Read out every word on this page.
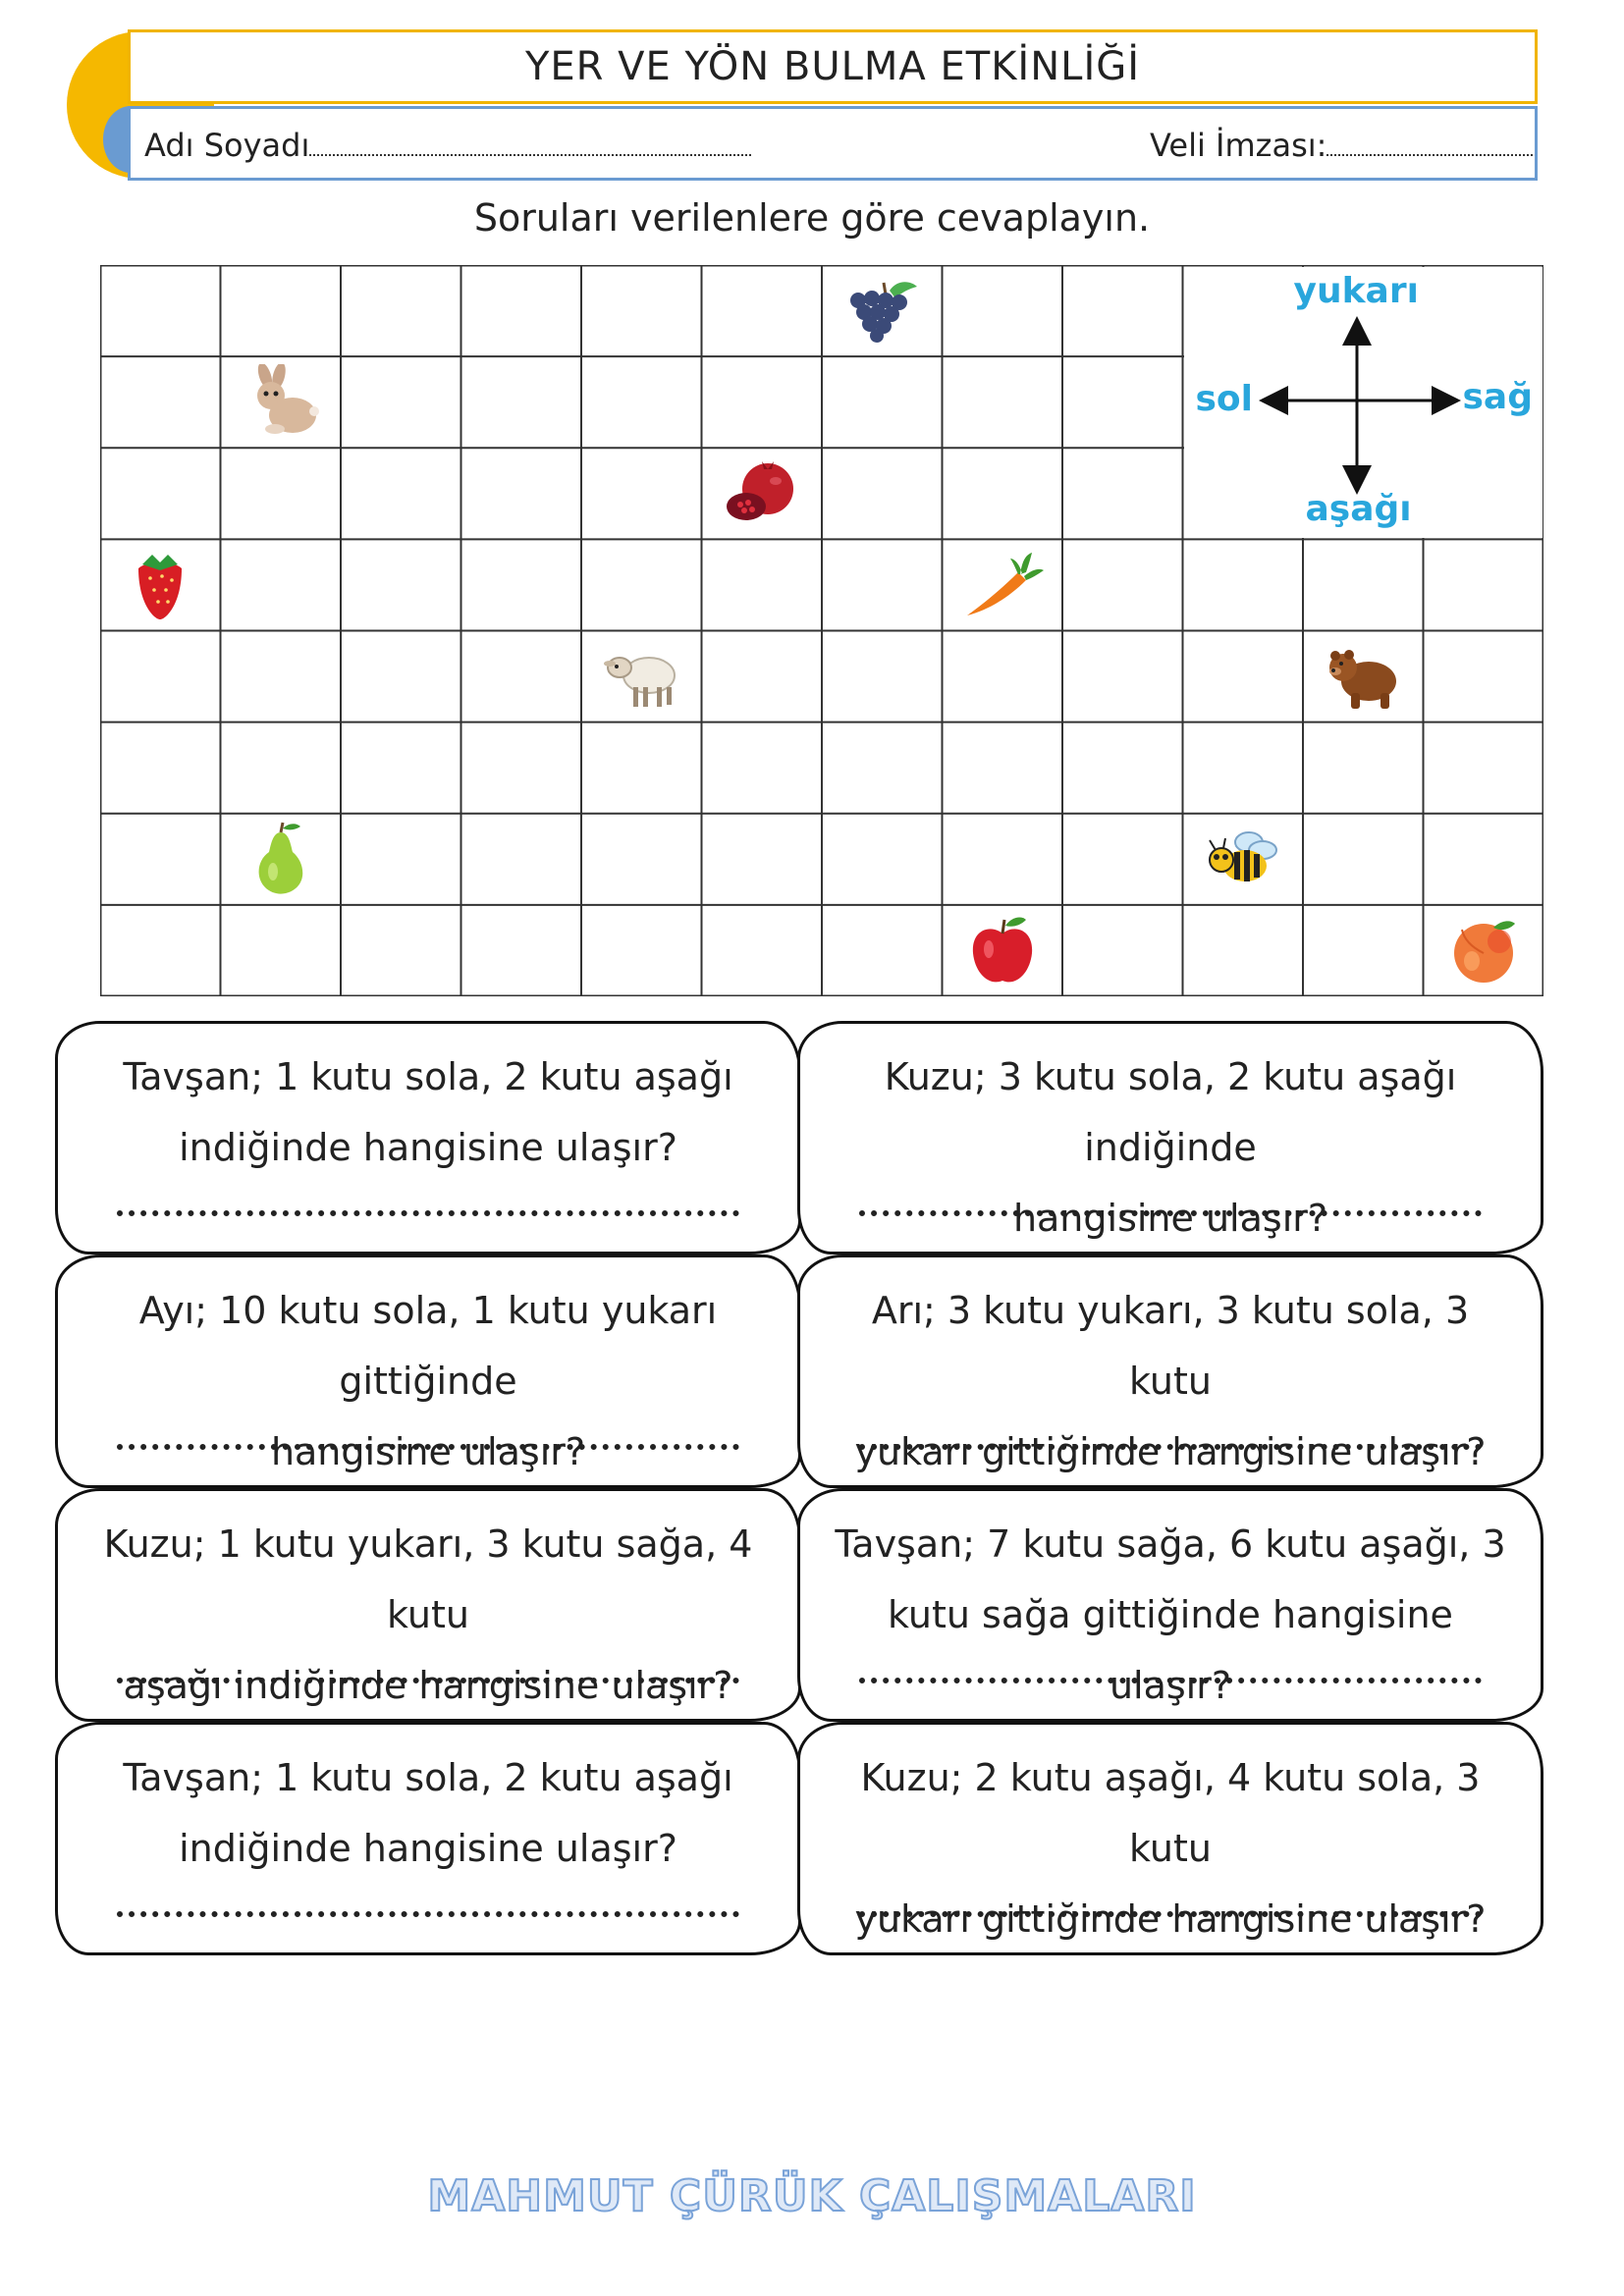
YER VE YÖN BULMA ETKİNLİĞİ
Adı Soyadı	Veli İmzası:
Soruları verilenlere göre cevaplayın.
yukarı
sol	sağ
aşağı
Tavşan; 1 kutu sola, 2 kutu aşağı
indiğinde hangisine ulaşır?
Kuzu; 3 kutu sola, 2 kutu aşağı indiğinde
hangisine ulaşır?
Ayı; 10 kutu sola, 1 kutu yukarı gittiğinde
hangisine ulaşır?
Arı; 3 kutu yukarı, 3 kutu sola, 3 kutu
yukarı gittiğinde hangisine ulaşır?
Kuzu; 1 kutu yukarı, 3 kutu sağa, 4 kutu
aşağı indiğinde hangisine ulaşır?
Tavşan; 7 kutu sağa, 6 kutu aşağı, 3
kutu sağa gittiğinde hangisine ulaşır?
Tavşan; 1 kutu sola, 2 kutu aşağı
indiğinde hangisine ulaşır?
Kuzu; 2 kutu aşağı, 4 kutu sola, 3 kutu
yukarı gittiğinde hangisine ulaşır?
MAHMUT ÇÜRÜK ÇALIŞMALARI
